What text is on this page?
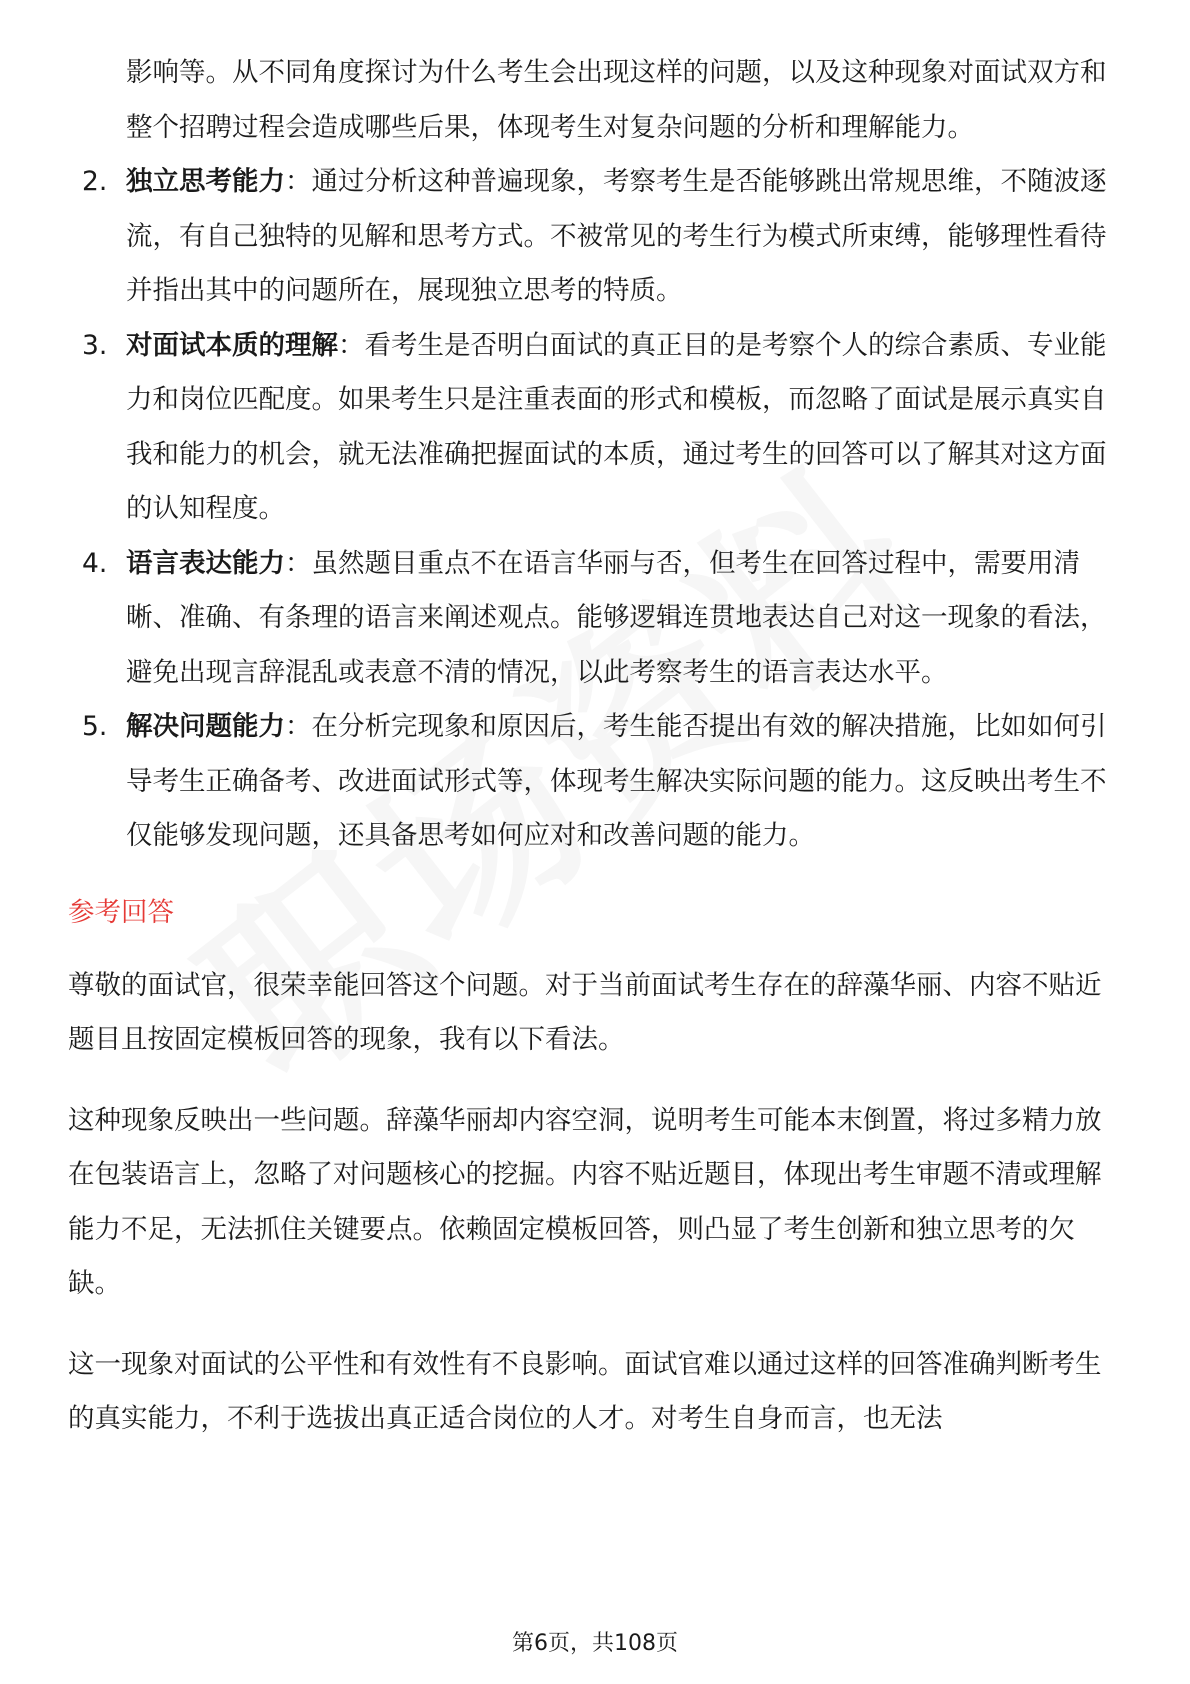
影响等。从不同角度探讨为什么考生会出现这样的问题，以及这种现象对面试双方和整个招聘过程会造成哪些后果，体现考生对复杂问题的分析和理解能力。

2. 独立思考能力：通过分析这种普遍现象，考察考生是否能够跳出常规思维，不随波逐流，有自己独特的见解和思考方式。不被常见的考生行为模式所束缚，能够理性看待并指出其中的问题所在，展现独立思考的特质。
3. 对面试本质的理解：看考生是否明白面试的真正目的是考察个人的综合素质、专业能力和岗位匹配度。如果考生只是注重表面的形式和模板，而忽略了面试是展示真实自我和能力的机会，就无法准确把握面试的本质，通过考生的回答可以了解其对这方面的认知程度。
4. 语言表达能力：虽然题目重点不在语言华丽与否，但考生在回答过程中，需要用清晰、准确、有条理的语言来阐述观点。能够逻辑连贯地表达自己对这一现象的看法，避免出现言辞混乱或表意不清的情况，以此考察考生的语言表达水平。
5. 解决问题能力：在分析完现象和原因后，考生能否提出有效的解决措施，比如如何引导考生正确备考、改进面试形式等，体现考生解决实际问题的能力。这反映出考生不仅能够发现问题，还具备思考如何应对和改善问题的能力。
参考回答

尊敬的面试官，很荣幸能回答这个问题。对于当前面试考生存在的辞藻华丽、内容不贴近题目且按固定模板回答的现象，我有以下看法。

这种现象反映出一些问题。辞藻华丽却内容空洞，说明考生可能本末倒置，将过多精力放在包装语言上，忽略了对问题核心的挖掘。内容不贴近题目，体现出考生审题不清或理解能力不足，无法抓住关键要点。依赖固定模板回答，则凸显了考生创新和独立思考的欠缺。

这一现象对面试的公平性和有效性有不良影响。面试官难以通过这样的回答准确判断考生的真实能力，不利于选拔出真正适合岗位的人才。对考生自身而言，也无法

第6页，共108页
